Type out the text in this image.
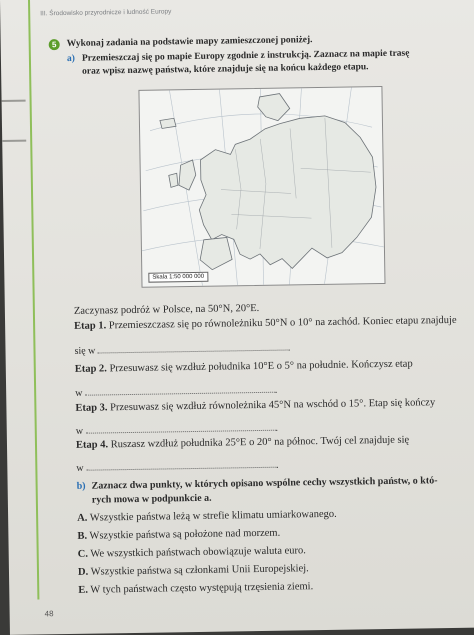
III. Środowisko przyrodnicze i ludność Europy
5	Wykonaj zadania na podstawie mapy zamieszczonej poniżej.
a) Przemieszczaj się po mapie Europy zgodnie z instrukcją. Zaznacz na mapie trasę
oraz wpisz nazwę państwa, które znajduje się na końcu każdego etapu.
Skala 1:50 000 000
Zaczynasz podróż w Polsce, na 50°N, 20°E.
Etap 1. Przemieszczasz się po równoleżniku 50°N o 10° na zachód. Koniec etapu znajduje
się w	.
Etap 2. Przesuwasz się wzdłuż południka 10°E o 5° na południe. Kończysz etap
w	.
Etap 3. Przesuwasz się wzdłuż równoleżnika 45°N na wschód o 15°. Etap się kończy
w	.
Etap 4. Ruszasz wzdłuż południka 25°E o 20° na północ. Twój cel znajduje się
w	.
b) Zaznacz dwa punkty, w których opisano wspólne cechy wszystkich państw, o któ-
rych mowa w podpunkcie a.
A. Wszystkie państwa leżą w strefie klimatu umiarkowanego.
B. Wszystkie państwa są położone nad morzem.
C. We wszystkich państwach obowiązuje waluta euro.
D. Wszystkie państwa są członkami Unii Europejskiej.
E. W tych państwach często występują trzęsienia ziemi.
48
